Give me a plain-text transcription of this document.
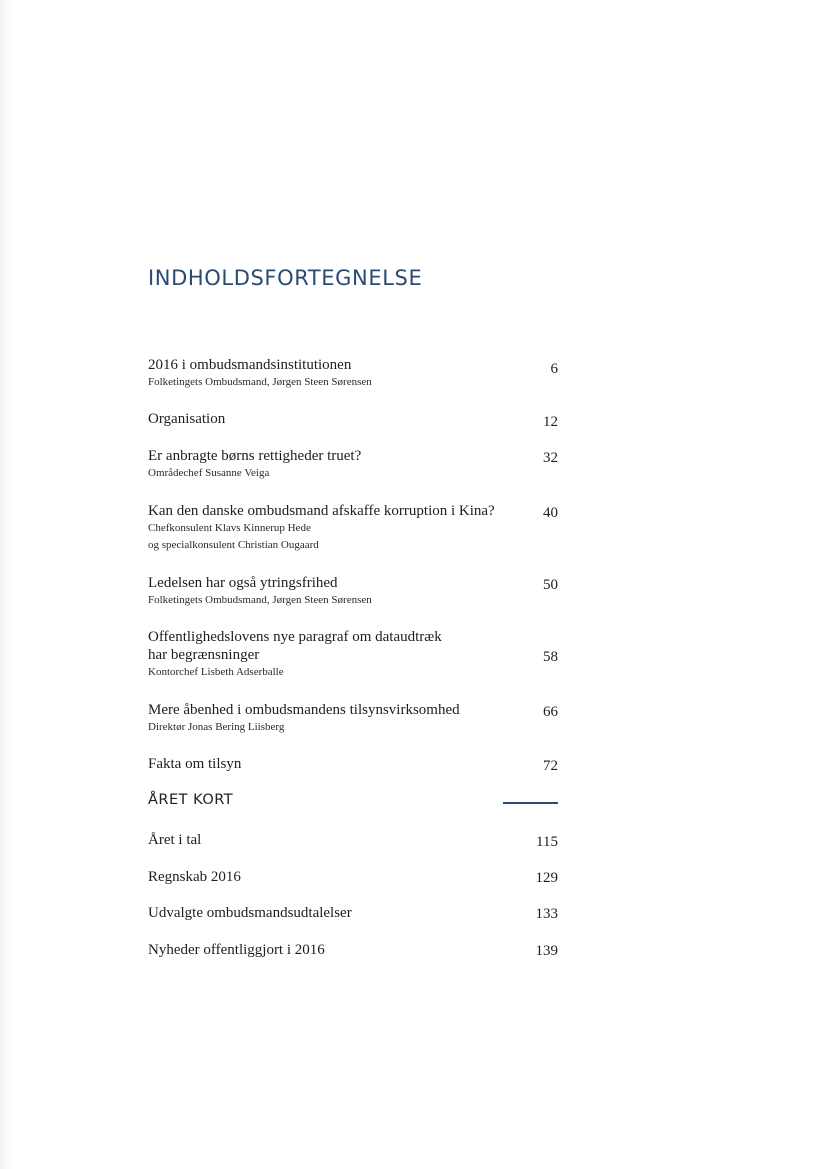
INDHOLDSFORTEGNELSE
2016 i ombudsmandsinstitutionen	6
Folketingets Ombudsmand, Jørgen Steen Sørensen
Organisation	12
Er anbragte børns rettigheder truet?	32
Områdechef Susanne Veiga
Kan den danske ombudsmand afskaffe korruption i Kina?	40
Chefkonsulent Klavs Kinnerup Hede
og specialkonsulent Christian Ougaard
Ledelsen har også ytringsfrihed	50
Folketingets Ombudsmand, Jørgen Steen Sørensen
Offentlighedslovens nye paragraf om dataudtræk
har begrænsninger	58
Kontorchef Lisbeth Adserballe
Mere åbenhed i ombudsmandens tilsynsvirksomhed	66
Direktør Jonas Bering Liisberg
Fakta om tilsyn	72
ÅRET KORT
Året i tal	115
Regnskab 2016	129
Udvalgte ombudsmandsudtalelser	133
Nyheder offentliggjort i 2016	139
